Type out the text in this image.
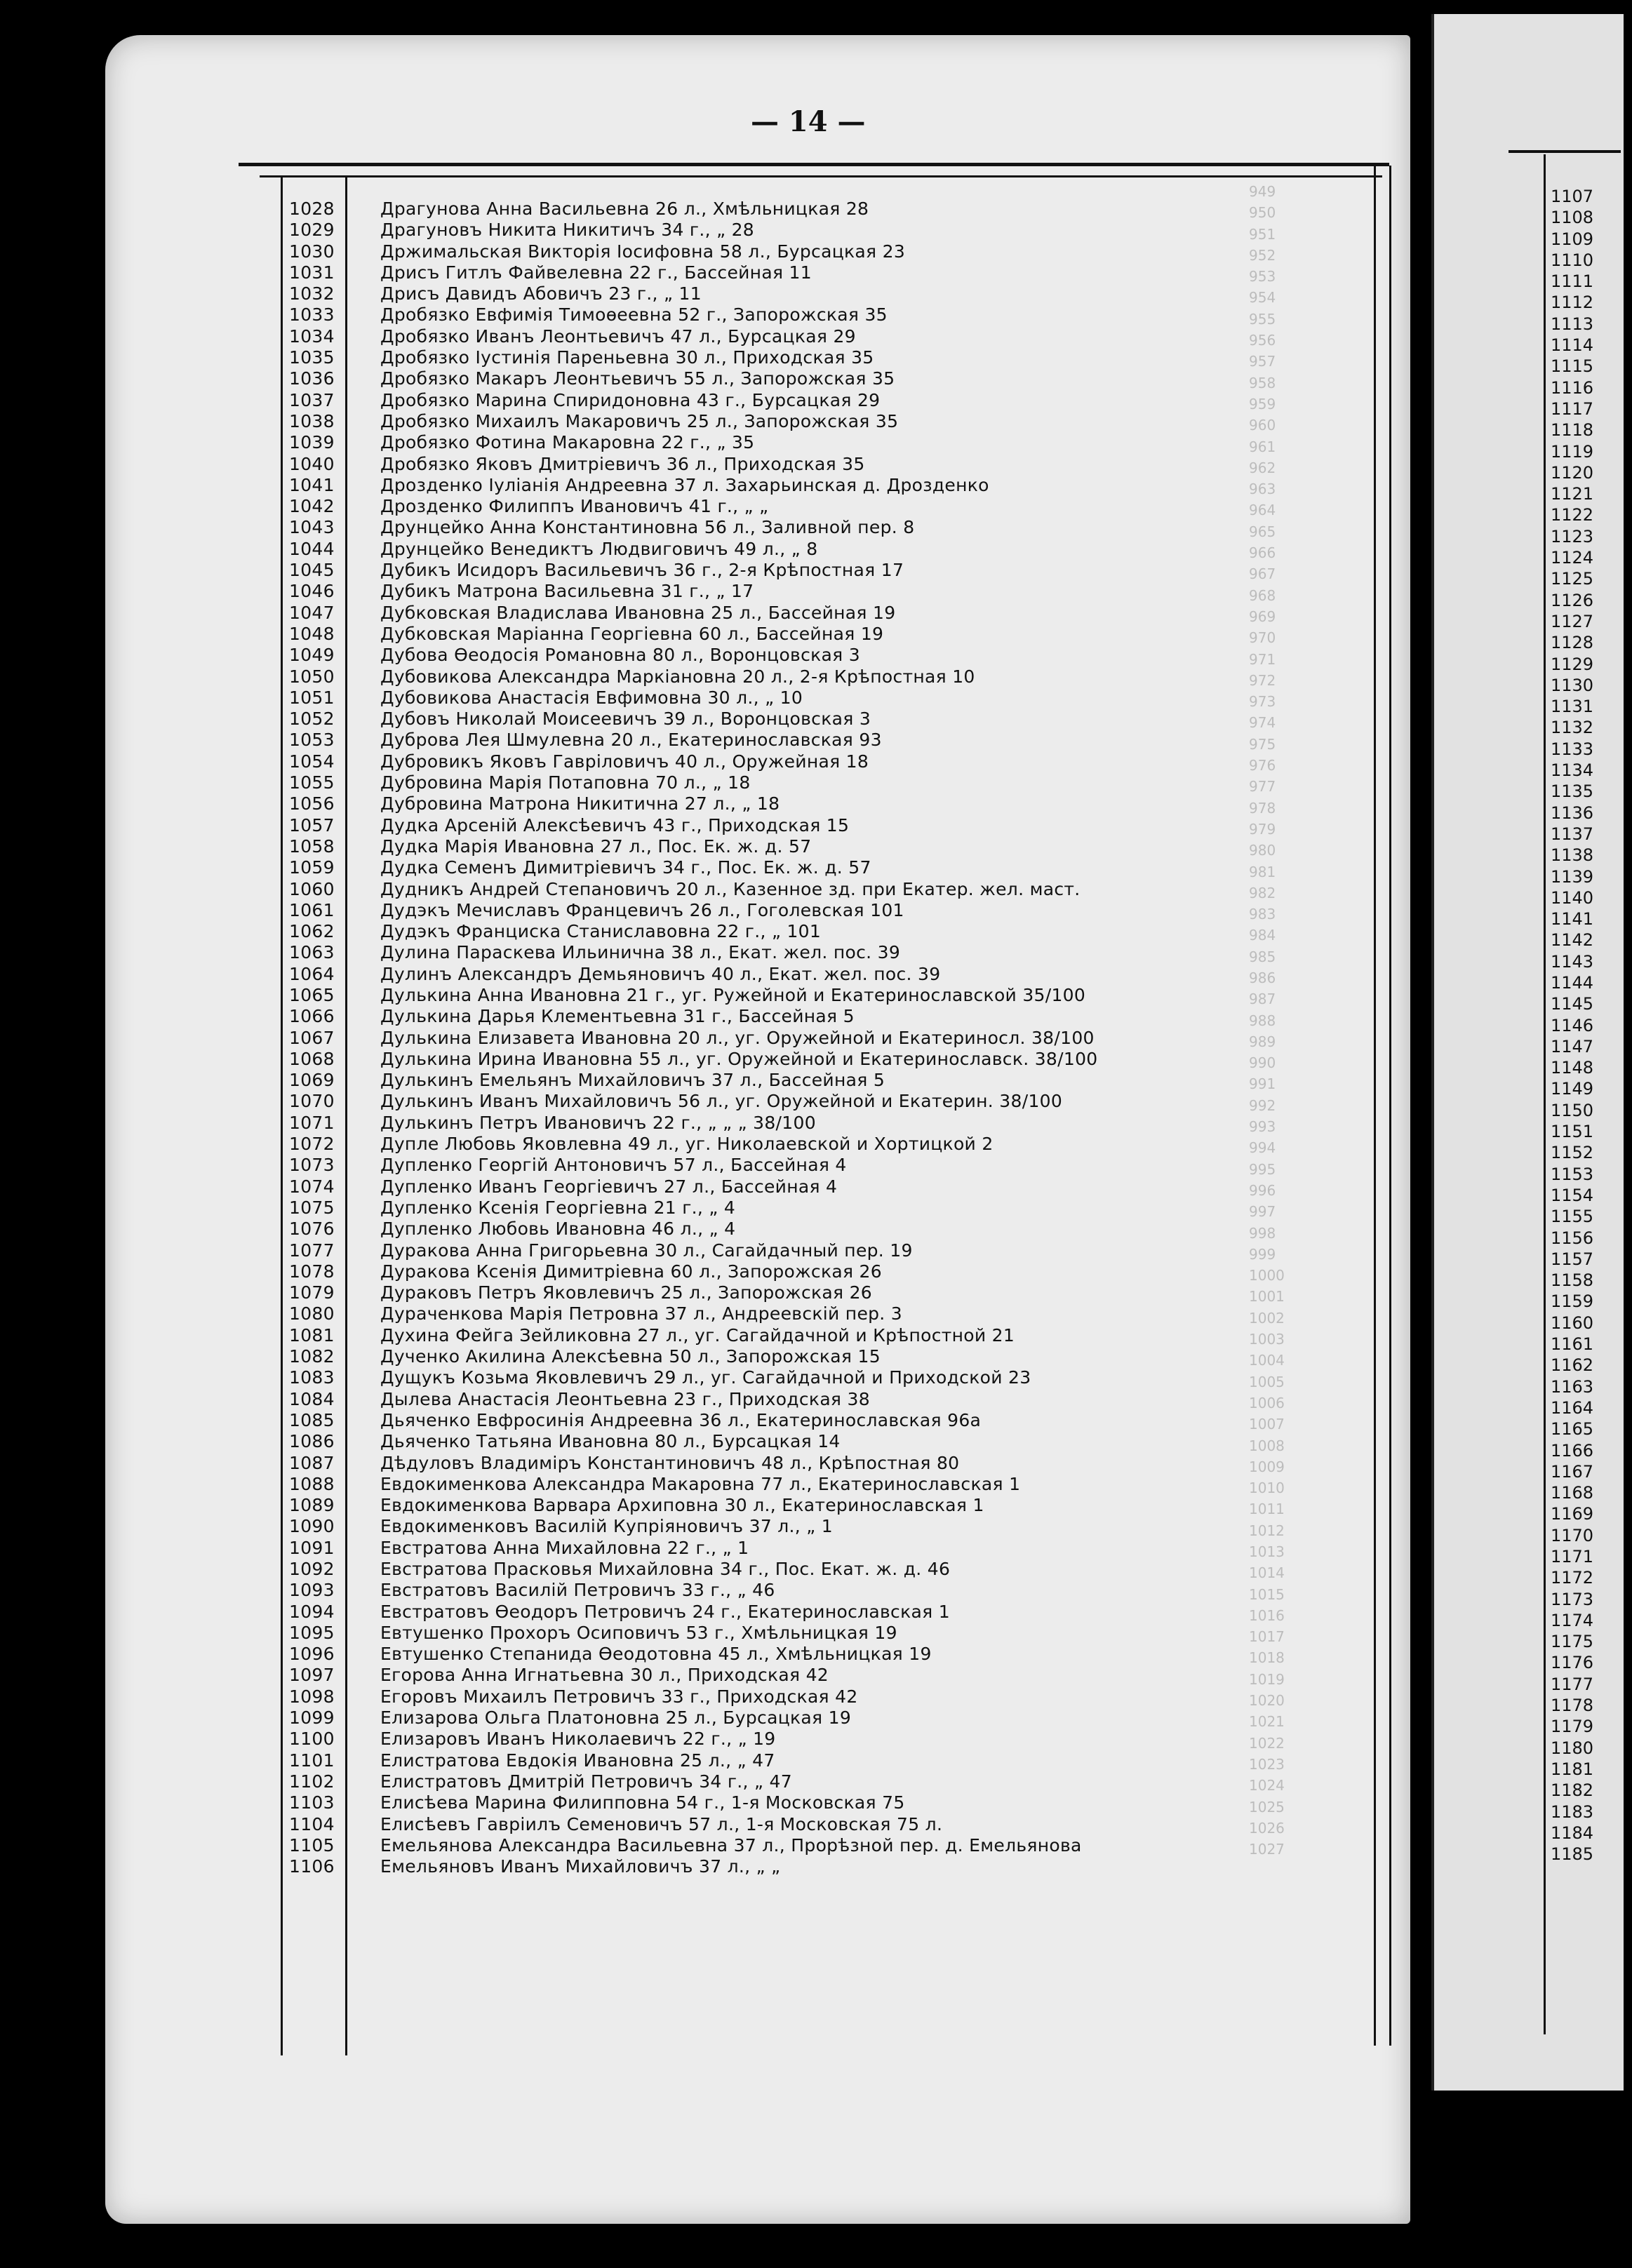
— 14 —
949
950
951
952
953
954
955
956
957
958
959
960
961
962
963
964
965
966
967
968
969
970
971
972
973
974
975
976
977
978
979
980
981
982
983
984
985
986
987
988
989
990
991
992
993
994
995
996
997
998
999
1000
1001
1002
1003
1004
1005
1006
1007
1008
1009
1010
1011
1012
1013
1014
1015
1016
1017
1018
1019
1020
1021
1022
1023
1024
1025
1026
1027
1028	Драгунова Анна Васильевна 26 л., Хмѣльницкая 28
1029	Драгуновъ Никита Никитичъ 34 г., „ 28
1030	Држимальская Викторія Іосифовна 58 л., Бурсацкая 23
1031	Дрисъ Гитлъ Файвелевна 22 г., Бассейная 11
1032	Дрисъ Давидъ Абовичъ 23 г., „ 11
1033	Дробязко Евфимія Тимоѳеевна 52 г., Запорожская 35
1034	Дробязко Иванъ Леонтьевичъ 47 л., Бурсацкая 29
1035	Дробязко Іустинія Пареньевна 30 л., Приходская 35
1036	Дробязко Макаръ Леонтьевичъ 55 л., Запорожская 35
1037	Дробязко Марина Спиридоновна 43 г., Бурсацкая 29
1038	Дробязко Михаилъ Макаровичъ 25 л., Запорожская 35
1039	Дробязко Фотина Макаровна 22 г., „ 35
1040	Дробязко Яковъ Дмитріевичъ 36 л., Приходская 35
1041	Дрозденко Іуліанія Андреевна 37 л. Захарьинская д. Дрозденко
1042	Дрозденко Филиппъ Ивановичъ 41 г., „ „
1043	Друнцейко Анна Константиновна 56 л., Заливной пер. 8
1044	Друнцейко Венедиктъ Людвиговичъ 49 л., „ 8
1045	Дубикъ Исидоръ Васильевичъ 36 г., 2-я Крѣпостная 17
1046	Дубикъ Матрона Васильевна 31 г., „ 17
1047	Дубковская Владислава Ивановна 25 л., Бассейная 19
1048	Дубковская Маріанна Георгіевна 60 л., Бассейная 19
1049	Дубова Ѳеодосія Романовна 80 л., Воронцовская 3
1050	Дубовикова Александра Маркіановна 20 л., 2-я Крѣпостная 10
1051	Дубовикова Анастасія Евфимовна 30 л., „ 10
1052	Дубовъ Николай Моисеевичъ 39 л., Воронцовская 3
1053	Дуброва Лея Шмулевна 20 л., Екатеринославская 93
1054	Дубровикъ Яковъ Гавріловичъ 40 л., Оружейная 18
1055	Дубровина Марія Потаповна 70 л., „ 18
1056	Дубровина Матрона Никитична 27 л., „ 18
1057	Дудка Арсеній Алексѣевичъ 43 г., Приходская 15
1058	Дудка Марія Ивановна 27 л., Пос. Ек. ж. д. 57
1059	Дудка Семенъ Димитріевичъ 34 г., Пос. Ек. ж. д. 57
1060	Дудникъ Андрей Степановичъ 20 л., Казенное зд. при Екатер. жел. маст.
1061	Дудэкъ Мечиславъ Францевичъ 26 л., Гоголевская 101
1062	Дудэкъ Франциска Станиславовна 22 г., „ 101
1063	Дулина Параскева Ильинична 38 л., Екат. жел. пос. 39
1064	Дулинъ Александръ Демьяновичъ 40 л., Екат. жел. пос. 39
1065	Дулькина Анна Ивановна 21 г., уг. Ружейной и Екатеринославской 35/100
1066	Дулькина Дарья Клементьевна 31 г., Бассейная 5
1067	Дулькина Елизавета Ивановна 20 л., уг. Оружейной и Екатериносл. 38/100
1068	Дулькина Ирина Ивановна 55 л., уг. Оружейной и Екатеринославск. 38/100
1069	Дулькинъ Емельянъ Михайловичъ 37 л., Бассейная 5
1070	Дулькинъ Иванъ Михайловичъ 56 л., уг. Оружейной и Екатерин. 38/100
1071	Дулькинъ Петръ Ивановичъ 22 г., „ „ „ 38/100
1072	Дупле Любовь Яковлевна 49 л., уг. Николаевской и Хортицкой 2
1073	Дупленко Георгій Антоновичъ 57 л., Бассейная 4
1074	Дупленко Иванъ Георгіевичъ 27 л., Бассейная 4
1075	Дупленко Ксенія Георгіевна 21 г., „ 4
1076	Дупленко Любовь Ивановна 46 л., „ 4
1077	Дуракова Анна Григорьевна 30 л., Сагайдачный пер. 19
1078	Дуракова Ксенія Димитріевна 60 л., Запорожская 26
1079	Дураковъ Петръ Яковлевичъ 25 л., Запорожская 26
1080	Дураченкова Марія Петровна 37 л., Андреевскій пер. 3
1081	Духина Фейга Зейликовна 27 л., уг. Сагайдачной и Крѣпостной 21
1082	Дученко Акилина Алексѣевна 50 л., Запорожская 15
1083	Дущукъ Козьма Яковлевичъ 29 л., уг. Сагайдачной и Приходской 23
1084	Дылева Анастасія Леонтьевна 23 г., Приходская 38
1085	Дьяченко Евфросинія Андреевна 36 л., Екатеринославская 96а
1086	Дьяченко Татьяна Ивановна 80 л., Бурсацкая 14
1087	Дѣдуловъ Владиміръ Константиновичъ 48 л., Крѣпостная 80
1088	Евдокименкова Александра Макаровна 77 л., Екатеринославская 1
1089	Евдокименкова Варвара Архиповна 30 л., Екатеринославская 1
1090	Евдокименковъ Василій Купріяновичъ 37 л., „ 1
1091	Евстратова Анна Михайловна 22 г., „ 1
1092	Евстратова Прасковья Михайловна 34 г., Пос. Екат. ж. д. 46
1093	Евстратовъ Василій Петровичъ 33 г., „ 46
1094	Евстратовъ Ѳеодоръ Петровичъ 24 г., Екатеринославская 1
1095	Евтушенко Прохоръ Осиповичъ 53 г., Хмѣльницкая 19
1096	Евтушенко Степанида Ѳеодотовна 45 л., Хмѣльницкая 19
1097	Егорова Анна Игнатьевна 30 л., Приходская 42
1098	Егоровъ Михаилъ Петровичъ 33 г., Приходская 42
1099	Елизарова Ольга Платоновна 25 л., Бурсацкая 19
1100	Елизаровъ Иванъ Николаевичъ 22 г., „ 19
1101	Елистратова Евдокія Ивановна 25 л., „ 47
1102	Елистратовъ Дмитрій Петровичъ 34 г., „ 47
1103	Елисѣева Марина Филипповна 54 г., 1-я Московская 75
1104	Елисѣевъ Гавріилъ Семеновичъ 57 л., 1-я Московская 75 л.
1105	Емельянова Александра Васильевна 37 л., Прорѣзной пер. д. Емельянова
1106	Емельяновъ Иванъ Михайловичъ 37 л., „ „
1107
1108
1109
1110
1111
1112
1113
1114
1115
1116
1117
1118
1119
1120
1121
1122
1123
1124
1125
1126
1127
1128
1129
1130
1131
1132
1133
1134
1135
1136
1137
1138
1139
1140
1141
1142
1143
1144
1145
1146
1147
1148
1149
1150
1151
1152
1153
1154
1155
1156
1157
1158
1159
1160
1161
1162
1163
1164
1165
1166
1167
1168
1169
1170
1171
1172
1173
1174
1175
1176
1177
1178
1179
1180
1181
1182
1183
1184
1185
